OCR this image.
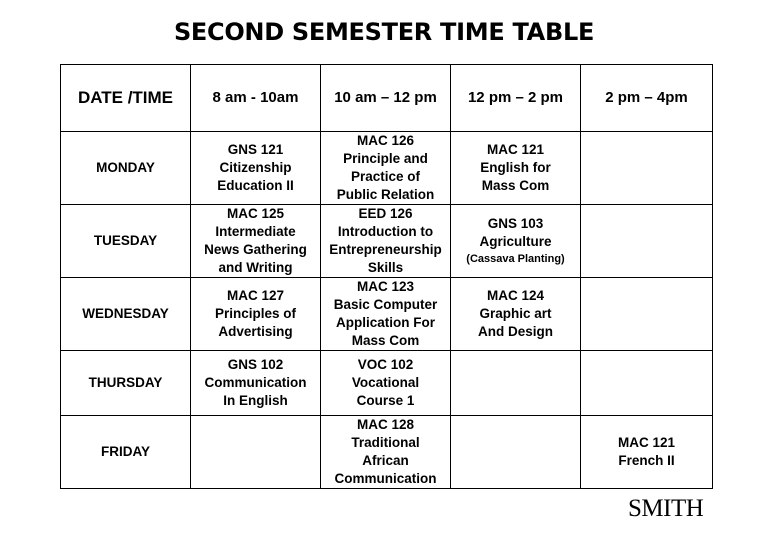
SECOND SEMESTER TIME TABLE
DATE /TIME	8 am - 10am	10 am – 12 pm	12 pm – 2 pm	2 pm – 4pm
MONDAY	GNS 121
Citizenship
Education II	MAC 126
Principle and
Practice of
Public Relation	MAC 121
English for
Mass Com	

TUESDAY	MAC 125
Intermediate
News Gathering
and Writing	EED 126
Introduction to
Entrepreneurship
Skills	GNS 103
Agriculture
(Cassava Planting)	

WEDNESDAY	MAC 127
Principles of
Advertising	MAC 123
Basic Computer
Application For
Mass Com	MAC 124
Graphic art
And Design	

THURSDAY	GNS 102
Communication
In English	VOC 102
Vocational
Course 1		

FRIDAY		MAC 128
Traditional
African
Communication		MAC 121
French II
SMITH
